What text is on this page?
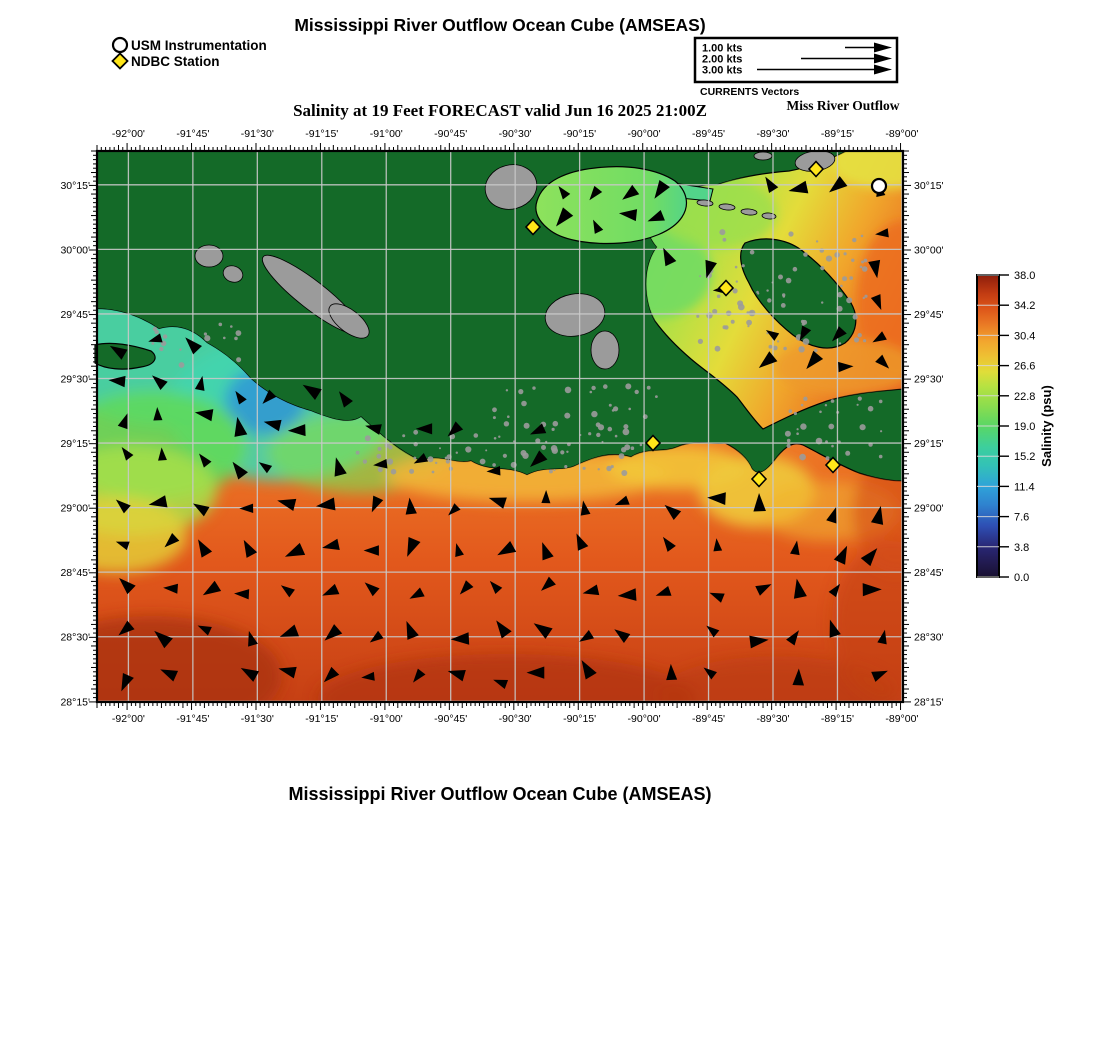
Mississippi River Outflow Ocean Cube (AMSEAS)
USM Instrumentation
NDBC Station
1.00 kts
2.00 kts
3.00 kts
CURRENTS Vectors
Miss River Outflow
Salinity at 19 Feet FORECAST valid Jun 16 2025 21:00Z
-92°00'
-92°00'
-91°45'
-91°45'
-91°30'
-91°30'
-91°15'
-91°15'
-91°00'
-91°00'
-90°45'
-90°45'
-90°30'
-90°30'
-90°15'
-90°15'
-90°00'
-90°00'
-89°45'
-89°45'
-89°30'
-89°30'
-89°15'
-89°15'
-89°00'
-89°00'
30°15'	30°15'
30°00'	30°00'
29°45'	29°45'
29°30'	29°30'
29°15'	29°15'
29°00'	29°00'
28°45'	28°45'
28°30'	28°30'
28°15'	28°15'
38.0
34.2
30.4
26.6
22.8
19.0
15.2
11.4
7.6
3.8
0.0
Salinity (psu)
Mississippi River Outflow Ocean Cube (AMSEAS)
